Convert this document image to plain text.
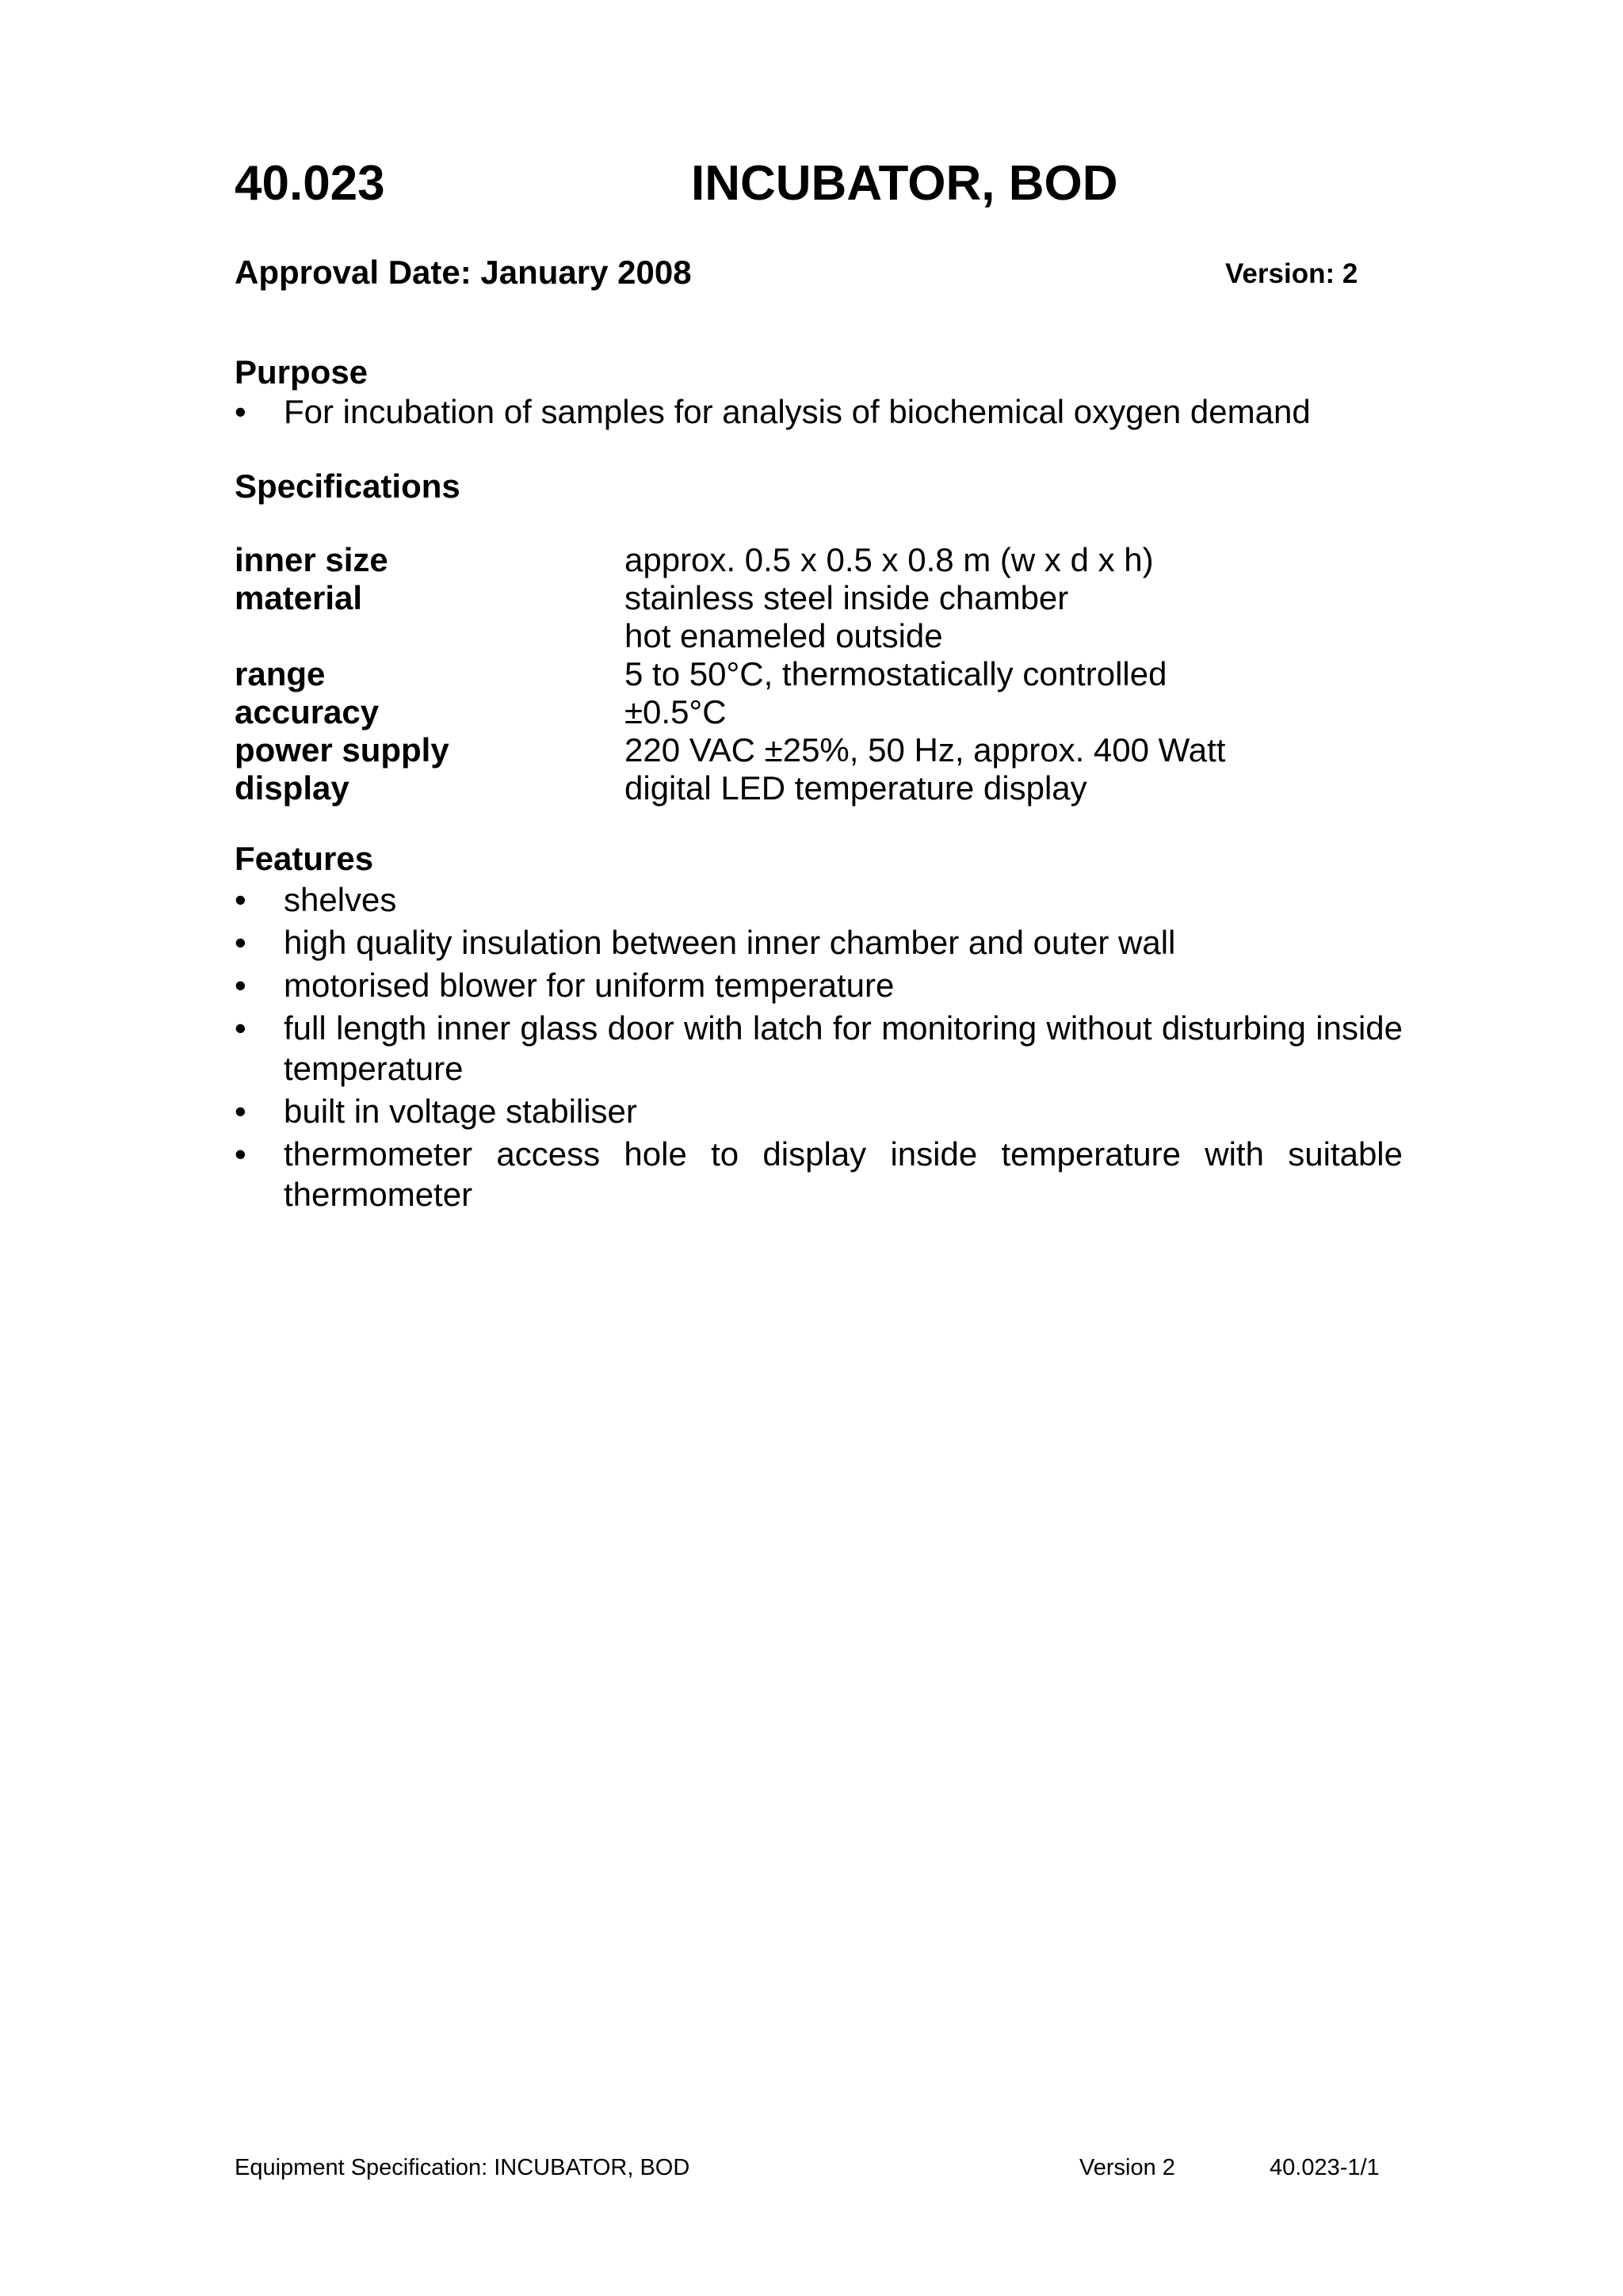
40.023	INCUBATOR, BOD
Approval Date: January 2008	Version: 2
Purpose
•	For incubation of samples for analysis of biochemical oxygen demand
Specifications
inner size	approx. 0.5 x 0.5 x 0.8 m (w x d x h)
material	stainless steel inside chamber
	hot enameled outside
range	5 to 50°C, thermostatically controlled
accuracy	±0.5°C
power supply	220 VAC ±25%, 50 Hz, approx. 400 Watt
display	digital LED temperature display
Features
•	shelves
•	high quality insulation between inner chamber and outer wall
•	motorised blower for uniform temperature
•	full length inner glass door with latch for monitoring without disturbing inside temperature
•	built in voltage stabiliser
•	thermometer access hole to display inside temperature with suitable thermometer
Equipment Specification: INCUBATOR, BOD	Version 2	40.023-1/1
